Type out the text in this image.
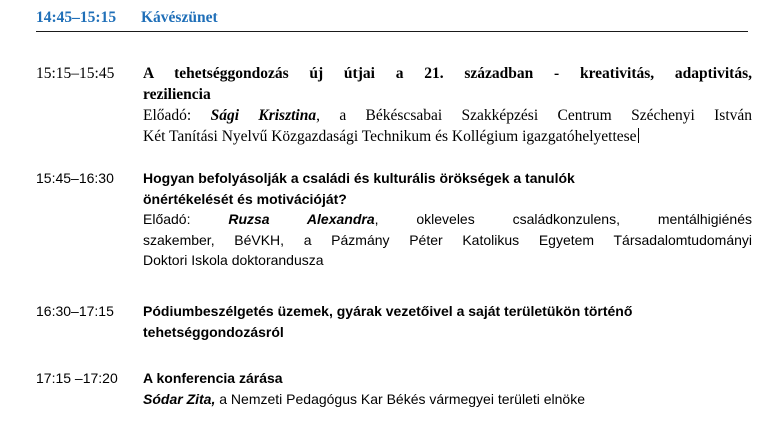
14:45–15:15 Kávészünet
15:15–15:45 A tehetséggondozás új útjai a 21. században - kreativitás, adaptivitás,
reziliencia
Előadó: Sági Krisztina, a Békéscsabai Szakképzési Centrum Széchenyi István
Két Tanítási Nyelvű Közgazdasági Technikum és Kollégium igazgatóhelyettese
15:45–16:30 Hogyan befolyásolják a családi és kulturális örökségek a tanulók
önértékelését és motivációját?
Előadó: Ruzsa Alexandra, okleveles családkonzulens, mentálhigiénés
szakember, BéVKH, a Pázmány Péter Katolikus Egyetem Társadalomtudományi
Doktori Iskola doktorandusza
16:30–17:15 Pódiumbeszélgetés üzemek, gyárak vezetőivel a saját területükön történő
tehetséggondozásról
17:15 –17:20 A konferencia zárása
Sódar Zita, a Nemzeti Pedagógus Kar Békés vármegyei területi elnöke
